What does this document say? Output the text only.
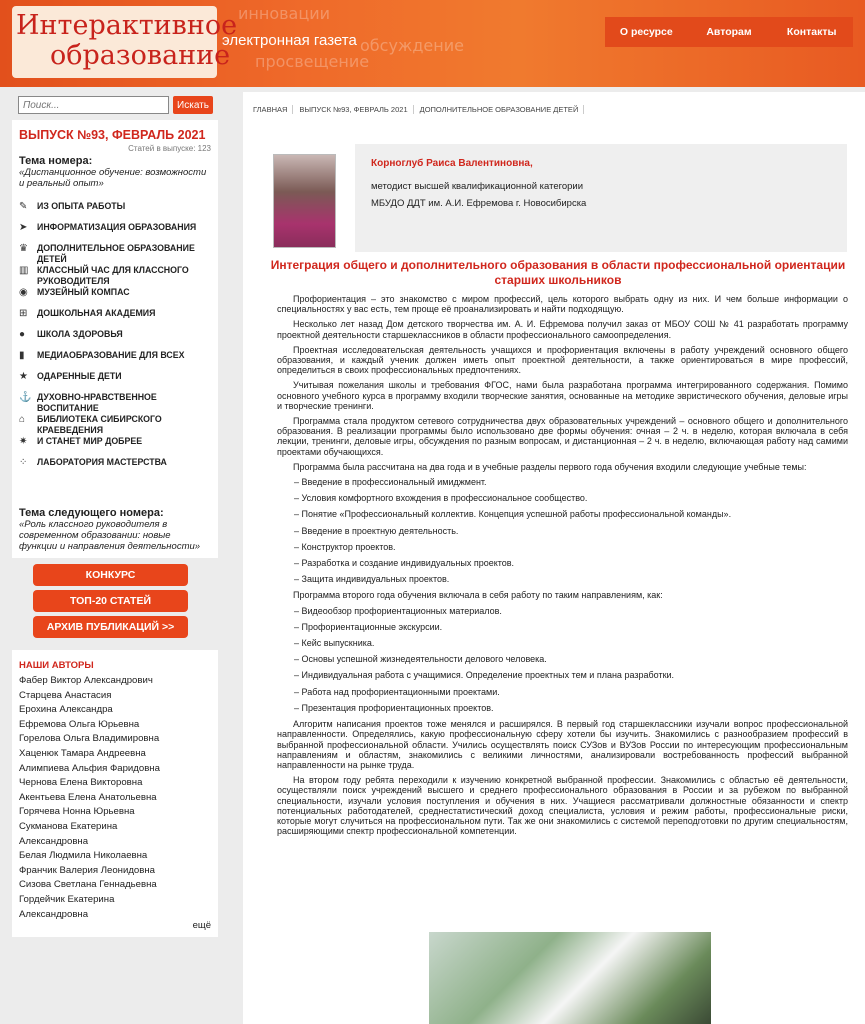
инновации
обсуждение
просвещение
Интерактивное
образование
электронная газета	О ресурсе	Авторам	Контакты
Поиск...
Искать
ВЫПУСК №93, ФЕВРАЛЬ 2021
Статей в выпуске: 123
Тема номера:
«Дистанционное обучение: возможности и реальный опыт»
✎	ИЗ ОПЫТА РАБОТЫ
➤	ИНФОРМАТИЗАЦИЯ ОБРАЗОВАНИЯ
♛	ДОПОЛНИТЕЛЬНОЕ ОБРАЗОВАНИЕ ДЕТЕЙ
▥ КЛАССНЫЙ ЧАС ДЛЯ КЛАССНОГО РУКОВОДИТЕЛЯ
◉	МУЗЕЙНЫЙ КОМПАС
⊞	ДОШКОЛЬНАЯ АКАДЕМИЯ
●	ШКОЛА ЗДОРОВЬЯ
▮	МЕДИАОБРАЗОВАНИЕ ДЛЯ ВСЕХ
★	ОДАРЕННЫЕ ДЕТИ
⚓ ДУХОВНО-НРАВСТВЕННОЕ ВОСПИТАНИЕ
⌂	БИБЛИОТЕКА СИБИРСКОГО КРАЕВЕДЕНИЯ
✷	И СТАНЕТ МИР ДОБРЕЕ
⁘	ЛАБОРАТОРИЯ МАСТЕРСТВА
Тема следующего номера:
«Роль классного руководителя в современном образовании: новые функции и направления деятельности»
КОНКУРС
ТОП-20 СТАТЕЙ
АРХИВ ПУБЛИКАЦИЙ >>
НАШИ АВТОРЫ
Фабер Виктор Александрович
Старцева Анастасия
Ерохина Александра
Ефремова Ольга Юрьевна
Горелова Ольга Владимировна
Хаценюк Тамара Андреевна
Алимпиева Альфия Фаридовна
Чернова Елена Викторовна
Акентьева Елена Анатольевна
Горячева Нонна Юрьевна
Сукманова Екатерина
Александровна
Белая Людмила Николаевна
Франчик Валерия Леонидовна
Сизова Светлана Геннадьевна
Гордейчик Екатерина
Александровна
ещё
ГЛАВНАЯ	ВЫПУСК №93, ФЕВРАЛЬ 2021	ДОПОЛНИТЕЛЬНОЕ ОБРАЗОВАНИЕ ДЕТЕЙ
Корноглуб Раиса Валентиновна,
методист высшей квалификационной категории
МБУДО ДДТ им. А.И. Ефремова г. Новосибирска
Интеграция общего и дополнительного образования в области профессиональной ориентации старших школьников

Профориентация – это знакомство с миром профессий, цель которого выбрать одну из них. И чем больше информации о специальностях у вас есть, тем проще её проанализировать и найти подходящую.

Несколько лет назад Дом детского творчества им. А. И. Ефремова получил заказ от МБОУ СОШ № 41 разработать программу проектной деятельности старшеклассников в области профессионального самоопределения.

Проектная исследовательская деятельность учащихся и профориентация включены в работу учреждений основного общего образования, и каждый ученик должен иметь опыт проектной деятельности, а также ориентироваться в мире профессий, определиться в своих профессиональных предпочтениях.

Учитывая пожелания школы и требования ФГОС, нами была разработана программа интегрированного содержания. Помимо основного учебного курса в программу входили творческие занятия, основанные на методике эвристического обучения, деловые игры и творческие тренинги.

Программа стала продуктом сетевого сотрудничества двух образовательных учреждений – основного общего и дополнительного образования. В реализации программы было использовано две формы обучения: очная – 2 ч. в неделю, которая включала в себя лекции, тренинги, деловые игры, обсуждения по разным вопросам, и дистанционная – 2 ч. в неделю, включающая работу над самими проектами обучающихся.

Программа была рассчитана на два года и в учебные разделы первого года обучения входили следующие учебные темы:

– Введение в профессиональный имиджмент.

– Условия комфортного вхождения в профессиональное сообщество.

– Понятие «Профессиональный коллектив. Концепция успешной работы профессиональной команды».

– Введение в проектную деятельность.

– Конструктор проектов.

– Разработка и создание индивидуальных проектов.

– Защита индивидуальных проектов.

Программа второго года обучения включала в себя работу по таким направлениям, как:

– Видеообзор профориентационных материалов.

– Профориентационные экскурсии.

– Кейс выпускника.

– Основы успешной жизнедеятельности делового человека.

– Индивидуальная работа с учащимися. Определение проектных тем и плана разработки.

– Работа над профориентационными проектами.

– Презентация профориентационных проектов.

Алгоритм написания проектов тоже менялся и расширялся. В первый год старшеклассники изучали вопрос профессиональной направленности. Определялись, какую профессиональную сферу хотели бы изучить. Знакомились с разнообразием профессий в выбранной профессиональной области. Учились осуществлять поиск СУЗов и ВУЗов России по интересующим профессиональным направлениям и областям, знакомились с великими личностями, анализировали востребованность профессий выбранной направленности на рынке труда.

На втором году ребята переходили к изучению конкретной выбранной профессии. Знакомились с областью её деятельности, осуществляли поиск учреждений высшего и среднего профессионального образования в России и за рубежом по выбранной специальности, изучали условия поступления и обучения в них. Учащиеся рассматривали должностные обязанности и спектр потенциальных работодателей, среднестатистический доход специалиста, условия и режим работы, профессиональные риски, которые могут случиться на профессиональном пути. Так же они знакомились с системой переподготовки по другим специальностям, расширяющими спектр профессиональной компетенции.
